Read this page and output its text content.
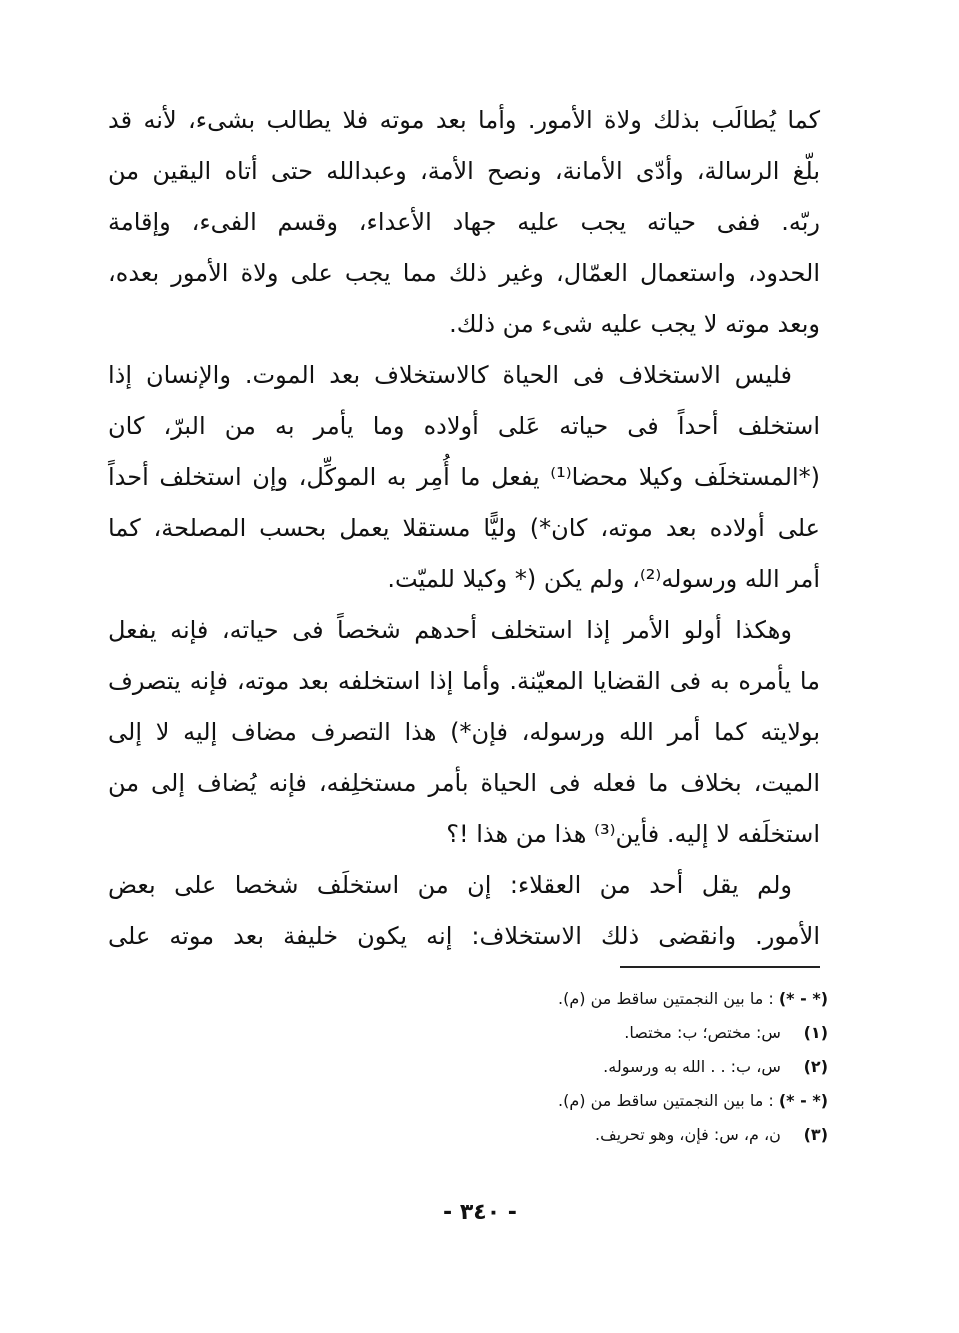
كما يُطالَب بذلك ولاة الأمور. وأما بعد موته فلا يطالب بشىء، لأنه قد
بلّغ الرسالة، وأدّى الأمانة، ونصح الأمة، وعبدالله حتى أتاه اليقين من
ربّه. ففى حياته يجب عليه جهاد الأعداء، وقسم الفىء، وإقامة
الحدود، واستعمال العمّال، وغير ذلك مما يجب على ولاة الأمور بعده،
وبعد موته لا يجب عليه شىء من ذلك.
فليس الاستخلاف فى الحياة كالاستخلاف بعد الموت. والإنسان إذا
استخلف أحداً فى حياته عَلى أولاده وما يأمر به من البرّ، كان
(*المستخلَف وكيلا محضا⁽¹⁾ يفعل ما أُمِر به الموكِّل، وإن استخلف أحداً
على أولاده بعد موته، كان*) وليًّا مستقلا يعمل بحسب المصلحة، كما
أمر الله ورسوله⁽²⁾، ولم يكن (* وكيلا للميّت.
وهكذا أولو الأمر إذا استخلف أحدهم شخصاً فى حياته، فإنه يفعل
ما يأمره به فى القضايا المعيّنة. وأما إذا استخلفه بعد موته، فإنه يتصرف
بولايته كما أمر الله ورسوله، فإن*) هذا التصرف مضاف إليه لا إلى
الميت، بخلاف ما فعله فى الحياة بأمر مستخلِفه، فإنه يُضاف إلى من
استخلَفه لا إليه. فأين⁽³⁾ هذا من هذا !؟
ولم يقل أحد من العقلاء: إن من استخلَف شخصا على بعض
الأمور. وانقضى ذلك الاستخلاف: إنه يكون خليفة بعد موته على
(* - *) : ما بين النجمتين ساقط من (م).
(١) س: مختص؛ ب: مختصا.
(٢) س، ب: . . الله به ورسوله.
(* - *) : ما بين النجمتين ساقط من (م).
(٣) ن، م، س: فإن، وهو تحريف.
- ٣٤٠ -
